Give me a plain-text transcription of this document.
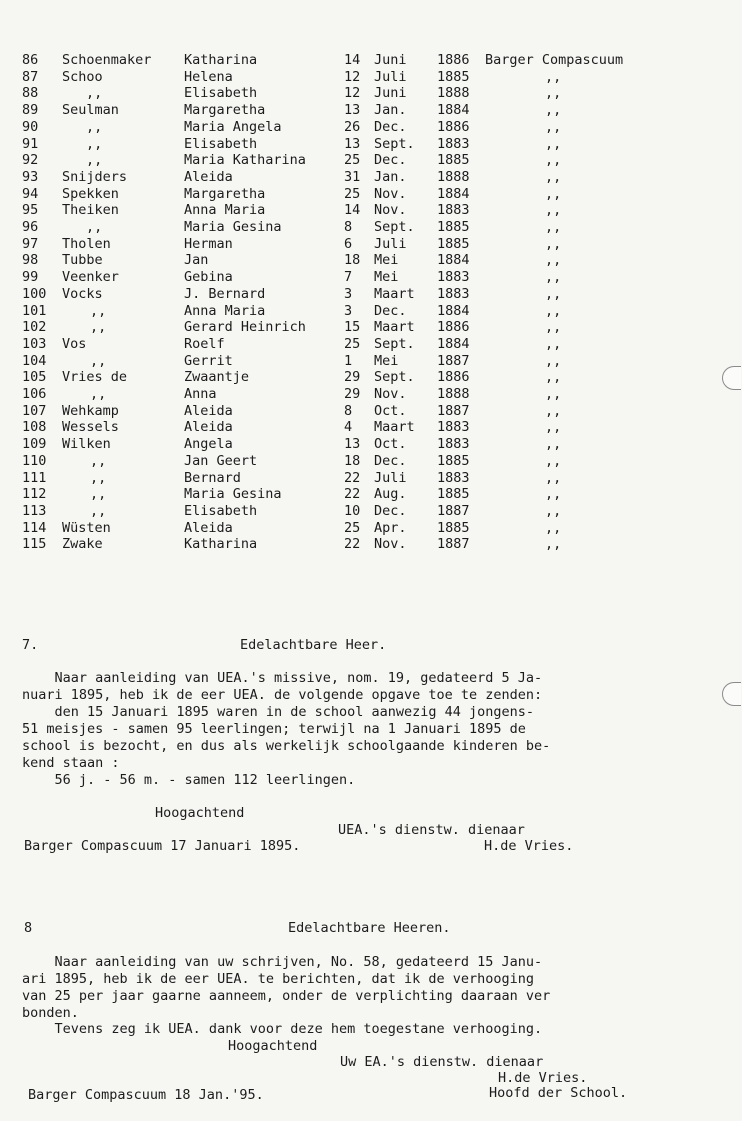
86 Schoenmaker Katharina	14 Juni 1886 Barger Compascuum
87 Schoo	Helena	12 Juli 1885	,,
88	,,	Elisabeth	12 Juni 1888	,,
89 Seulman	Margaretha	13 Jan. 1884	,,
90	,,	Maria Angela	26 Dec. 1886	,,
91	,,	Elisabeth	13 Sept. 1883	,,
92	,,	Maria Katharina	25 Dec. 1885	,,
93 Snijders	Aleida	31 Jan. 1888	,,
94 Spekken	Margaretha	25 Nov. 1884	,,
95 Theiken	Anna Maria	14 Nov. 1883	,,
96	,,	Maria Gesina	8 Sept. 1885	,,
97 Tholen	Herman	6 Juli 1885	,,
98 Tubbe	Jan	18 Mei	1884	,,
99 Veenker	Gebina	7 Mei	1883	,,
100 Vocks	J. Bernard	3 Maart 1883	,,
101	,,	Anna Maria	3 Dec. 1884	,,
102	,,	Gerard Heinrich	15 Maart 1886	,,
103 Vos	Roelf	25 Sept. 1884	,,
104	,,	Gerrit	1 Mei	1887	,,
105 Vries de	Zwaantje	29 Sept. 1886	,,
106	,,	Anna	29 Nov. 1888	,,
107 Wehkamp	Aleida	8 Oct. 1887	,,
108 Wessels	Aleida	4 Maart 1883	,,
109 Wilken	Angela	13 Oct. 1883	,,
110	,,	Jan Geert	18 Dec. 1885	,,
111	,,	Bernard	22 Juli 1883	,,
112	,,	Maria Gesina	22 Aug. 1885	,,
113	,,	Elisabeth	10 Dec. 1887	,,
114 Wüsten	Aleida	25 Apr. 1885	,,
115 Zwake	Katharina	22 Nov. 1887	,,
7.	Edelachtbare Heer.
Naar aanleiding van UEA.'s missive, nom. 19, gedateerd 5 Ja-
nuari 1895, heb ik de eer UEA. de volgende opgave toe te zenden:
den 15 Januari 1895 waren in de school aanwezig 44 jongens-
51 meisjes - samen 95 leerlingen; terwijl na 1 Januari 1895 de
school is bezocht, en dus als werkelijk schoolgaande kinderen be-
kend staan :
56 j. - 56 m. - samen 112 leerlingen.
Hoogachtend
UEA.'s dienstw. dienaar
Barger Compascuum 17 Januari 1895.	H.de Vries.
8	Edelachtbare Heeren.
Naar aanleiding van uw schrijven, No. 58, gedateerd 15 Janu-
ari 1895, heb ik de eer UEA. te berichten, dat ik de verhooging
van 25 per jaar gaarne aanneem, onder de verplichting daaraan ver
bonden.
Tevens zeg ik UEA. dank voor deze hem toegestane verhooging.
Hoogachtend
Uw EA.'s dienstw. dienaar
H.de Vries.
Barger Compascuum 18 Jan.'95.	Hoofd der School.
